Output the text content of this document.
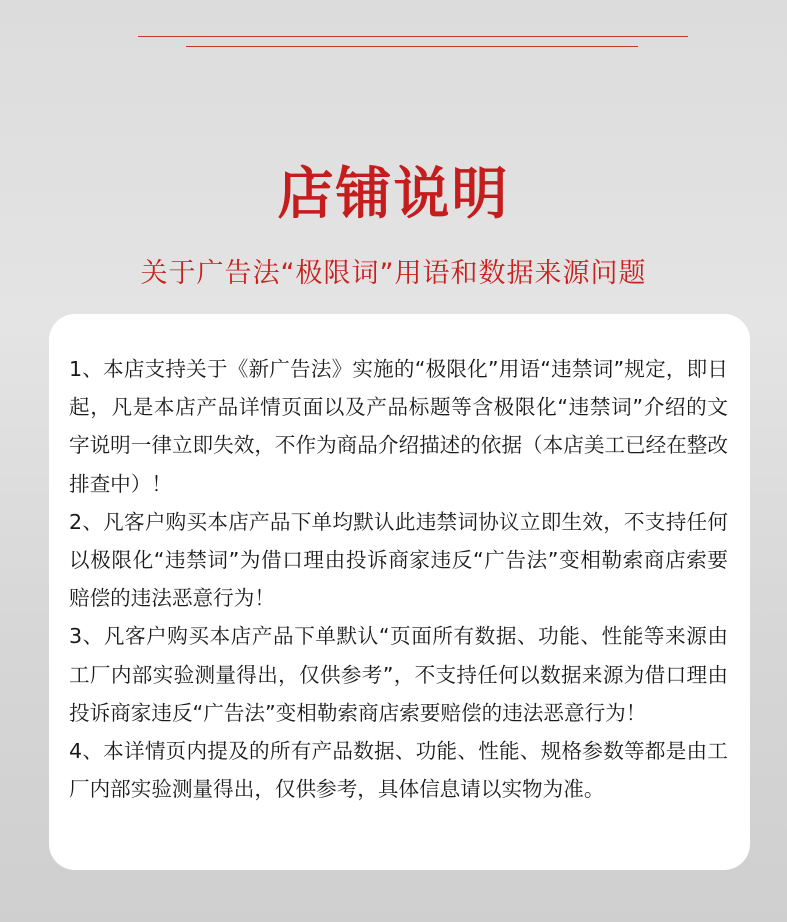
店铺说明
关于广告法“极限词”用语和数据来源问题

1、本店支持关于《新广告法》实施的“极限化”用语“违禁词”规定，即日起，凡是本店产品详情页面以及产品标题等含极限化“违禁词”介绍的文字说明一律立即失效，不作为商品介绍描述的依据（本店美工已经在整改排查中）！

2、凡客户购买本店产品下单均默认此违禁词协议立即生效，不支持任何以极限化“违禁词”为借口理由投诉商家违反“广告法”变相勒索商店索要赔偿的违法恶意行为！

3、凡客户购买本店产品下单默认“页面所有数据、功能、性能等来源由工厂内部实验测量得出，仅供参考”，不支持任何以数据来源为借口理由投诉商家违反“广告法”变相勒索商店索要赔偿的违法恶意行为！

4、本详情页内提及的所有产品数据、功能、性能、规格参数等都是由工厂内部实验测量得出，仅供参考，具体信息请以实物为准。
